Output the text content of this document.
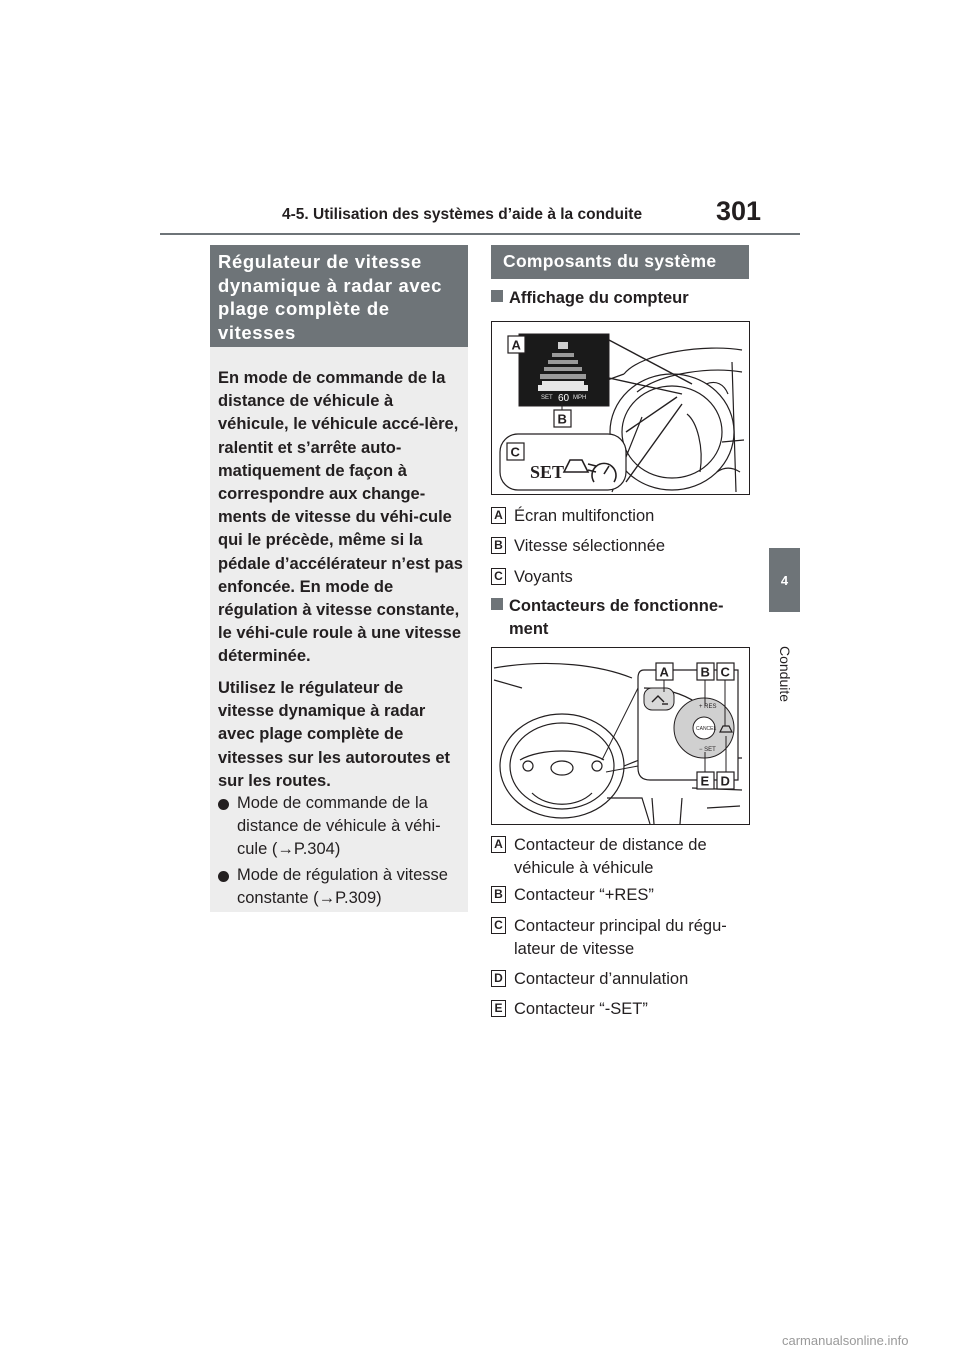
4-5. Utilisation des systèmes d’aide à la conduite	301
4
Conduite
Régulateur de vitesse dynamique à radar avec plage complète de vitesses
En mode de commande de la distance de véhicule à véhicule, le véhicule accé-lère, ralentit et s’arrête auto-matiquement de façon à correspondre aux change-ments de vitesse du véhi-cule qui le précède, même si la pédale d’accélérateur n’est pas enfoncée. En mode de régulation à vitesse constante, le véhi-cule roule à une vitesse déterminée.
Utilisez le régulateur de vitesse dynamique à radar avec plage complète de vitesses sur les autoroutes et sur les routes.
Mode de commande de la distance de véhicule à véhi-cule (→P.304)
Mode de régulation à vitesse constante (→P.309)
Composants du système
Affichage du compteur
SET 60 MPH
SET
A
B
C
A Écran multifonction
B Vitesse sélectionnée
C Voyants
Contacteurs de fonctionne-
ment
CANCEL
+ RES
− SET
A B C
E D
A Contacteur de distance de véhicule à véhicule
B Contacteur “+RES”
C Contacteur principal du régu-lateur de vitesse
D Contacteur d’annulation
E Contacteur “-SET”
carmanualsonline.info
